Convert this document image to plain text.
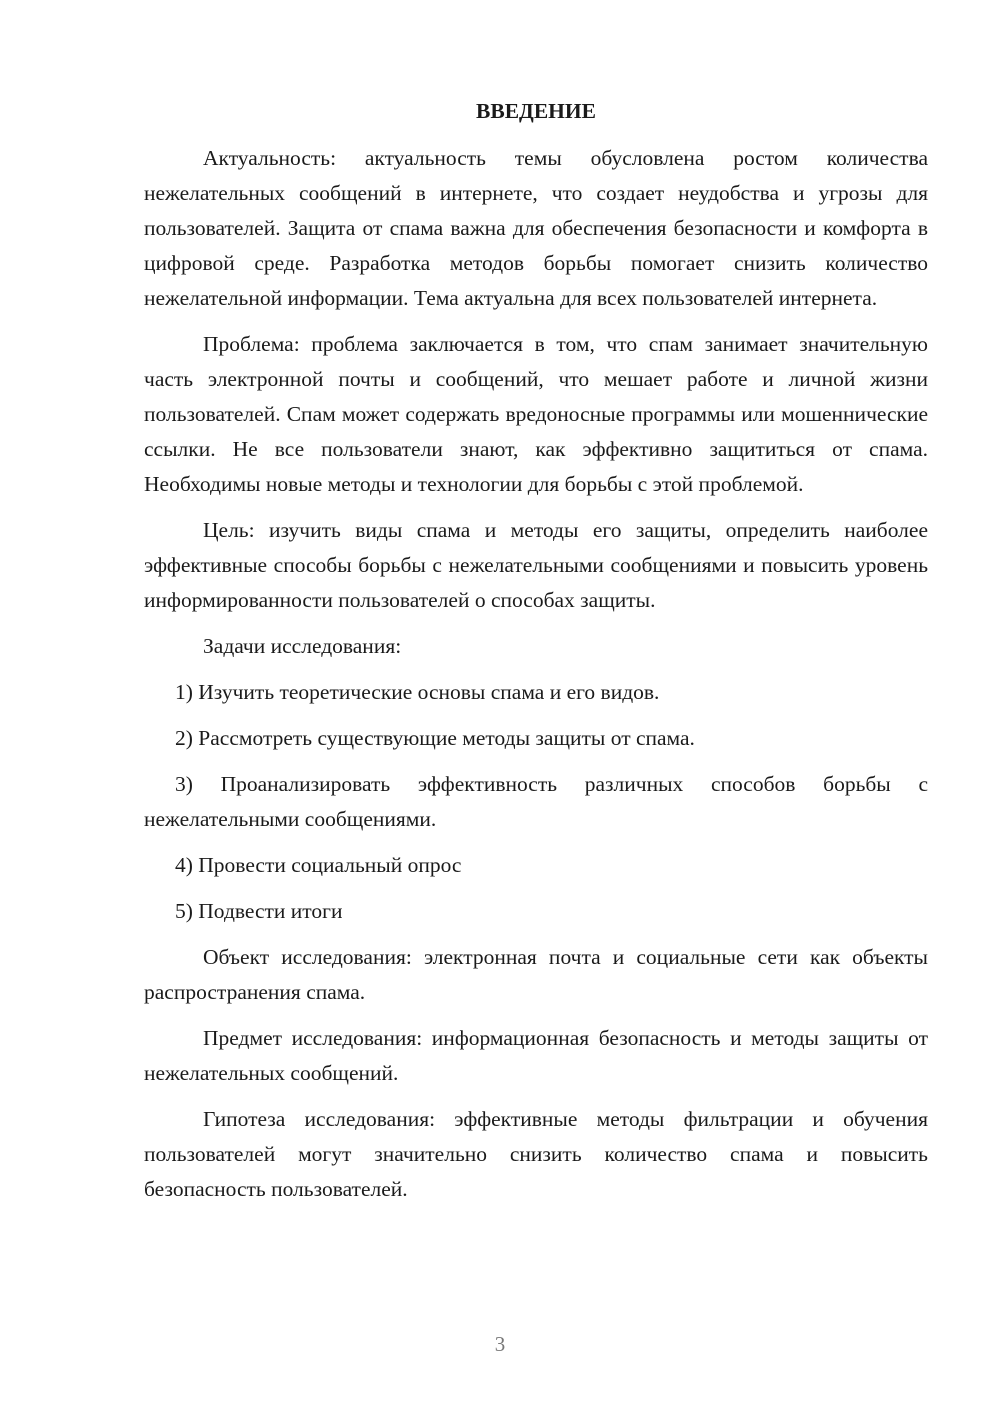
ВВЕДЕНИЕ

Актуальность: актуальность темы обусловлена ростом количества нежелательных сообщений в интернете, что создает неудобства и угрозы для пользователей. Защита от спама важна для обеспечения безопасности и комфорта в цифровой среде. Разработка методов борьбы помогает снизить количество нежелательной информации. Тема актуальна для всех пользователей интернета.

Проблема: проблема заключается в том, что спам занимает значительную часть электронной почты и сообщений, что мешает работе и личной жизни пользователей. Спам может содержать вредоносные программы или мошеннические ссылки. Не все пользователи знают, как эффективно защититься от спама. Необходимы новые методы и технологии для борьбы с этой проблемой.

Цель: изучить виды спама и методы его защиты, определить наиболее эффективные способы борьбы с нежелательными сообщениями и повысить уровень информированности пользователей о способах защиты.

Задачи исследования:

1) Изучить теоретические основы спама и его видов.

2) Рассмотреть существующие методы защиты от спама.

3) Проанализировать эффективность различных способов борьбы с нежелательными сообщениями.

4) Провести социальный опрос

5) Подвести итоги

Объект исследования: электронная почта и социальные сети как объекты распространения спама.

Предмет исследования: информационная безопасность и методы защиты от нежелательных сообщений.

Гипотеза исследования: эффективные методы фильтрации и обучения пользователей могут значительно снизить количество спама и повысить безопасность пользователей.

3
